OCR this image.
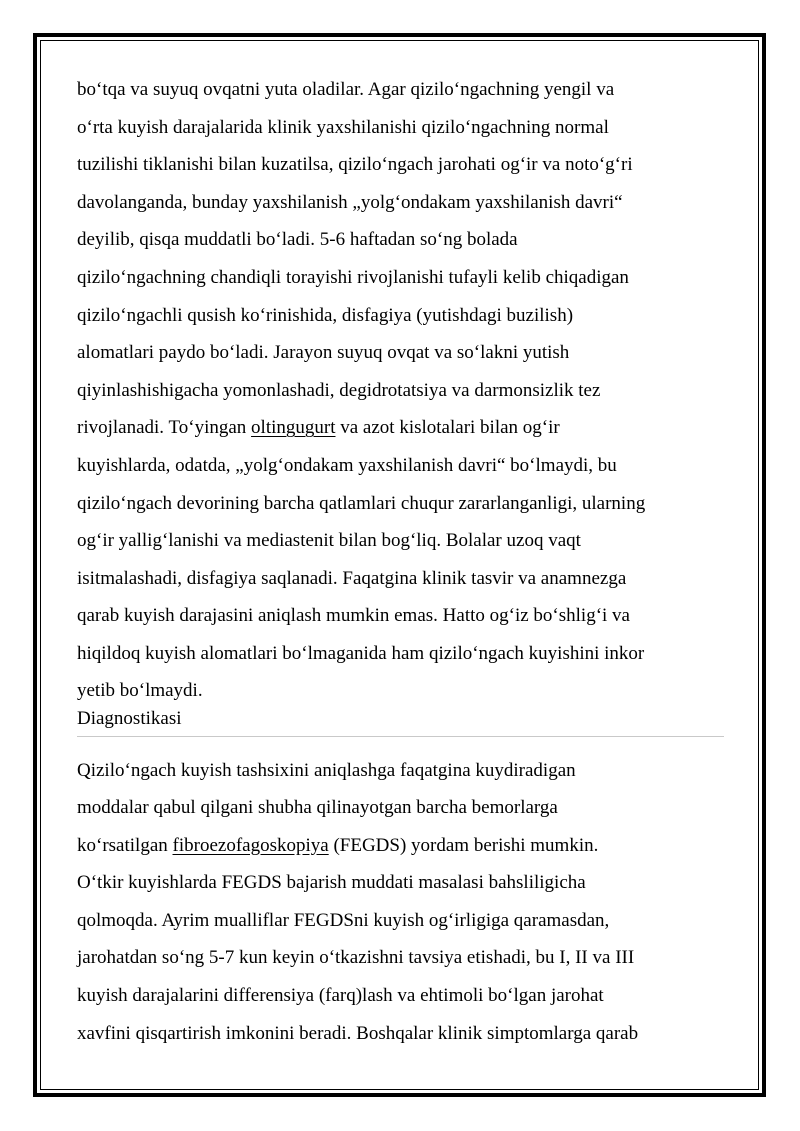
boʻtqa va suyuq ovqatni yuta oladilar. Agar qiziloʻngachning yengil va
oʻrta kuyish darajalarida klinik yaxshilanishi qiziloʻngachning normal
tuzilishi tiklanishi bilan kuzatilsa, qiziloʻngach jarohati ogʻir va notoʻgʻri
davolanganda, bunday yaxshilanish „yolgʻondakam yaxshilanish davri“
deyilib, qisqa muddatli boʻladi. 5-6 haftadan soʻng bolada
qiziloʻngachning chandiqli torayishi rivojlanishi tufayli kelib chiqadigan
qiziloʻngachli qusish koʻrinishida, disfagiya (yutishdagi buzilish)
alomatlari paydo boʻladi. Jarayon suyuq ovqat va soʻlakni yutish
qiyinlashishigacha yomonlashadi, degidrotatsiya va darmonsizlik tez
rivojlanadi. Toʻyingan oltingugurt va azot kislotalari bilan ogʻir
kuyishlarda, odatda, „yolgʻondakam yaxshilanish davri“ boʻlmaydi, bu
qiziloʻngach devorining barcha qatlamlari chuqur zararlanganligi, ularning
ogʻir yalligʻlanishi va mediastenit bilan bogʻliq. Bolalar uzoq vaqt
isitmalashadi, disfagiya saqlanadi. Faqatgina klinik tasvir va anamnezga
qarab kuyish darajasini aniqlash mumkin emas. Hatto ogʻiz boʻshligʻi va
hiqildoq kuyish alomatlari boʻlmaganida ham qiziloʻngach kuyishini inkor
yetib boʻlmaydi.
Diagnostikasi
Qiziloʻngach kuyish tashsixini aniqlashga faqatgina kuydiradigan
moddalar qabul qilgani shubha qilinayotgan barcha bemorlarga
koʻrsatilgan fibroezofagoskopiya (FEGDS) yordam berishi mumkin.
Oʻtkir kuyishlarda FEGDS bajarish muddati masalasi bahsliligicha
qolmoqda. Ayrim mualliflar FEGDSni kuyish ogʻirligiga qaramasdan,
jarohatdan soʻng 5-7 kun keyin oʻtkazishni tavsiya etishadi, bu I, II va III
kuyish darajalarini differensiya (farq)lash va ehtimoli boʻlgan jarohat
xavfini qisqartirish imkonini beradi. Boshqalar klinik simptomlarga qarab
